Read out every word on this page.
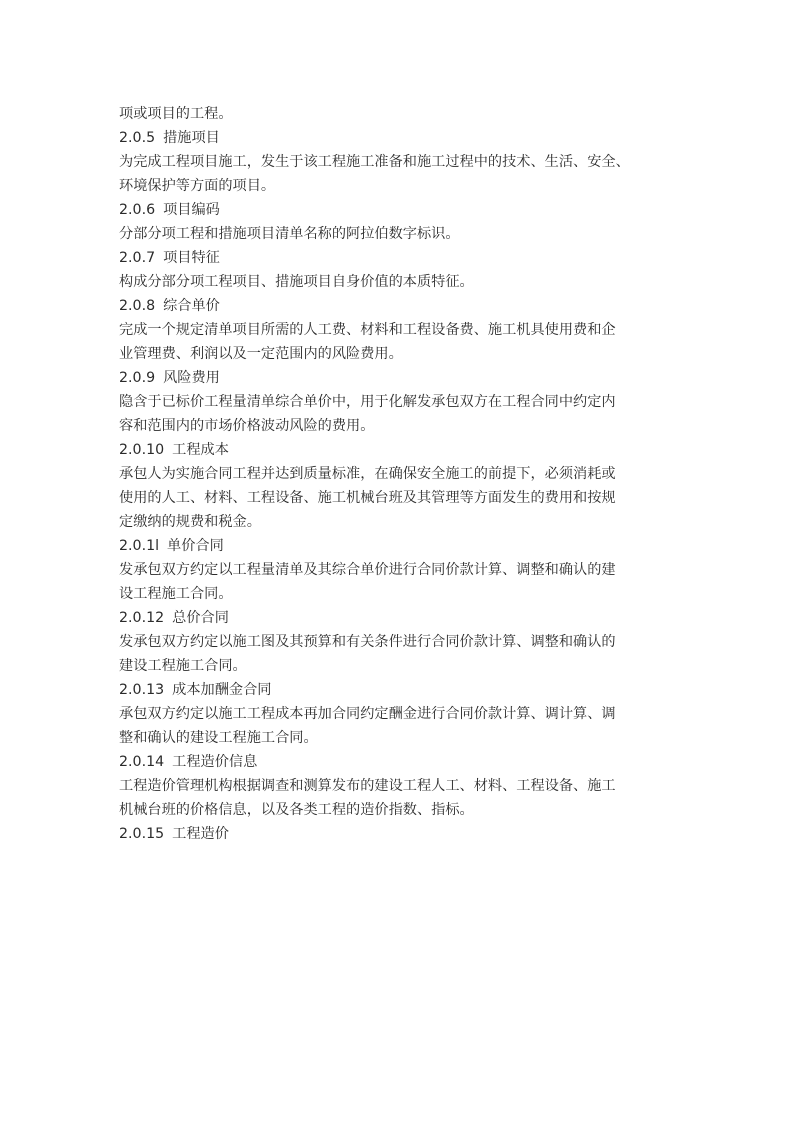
项或项目的工程。
2.0.5 措施项目
为完成工程项目施工，发生于该工程施工准备和施工过程中的技术、生活、安全、
环境保护等方面的项目。
2.0.6 项目编码
分部分项工程和措施项目清单名称的阿拉伯数字标识。
2.0.7 项目特征
构成分部分项工程项目、措施项目自身价值的本质特征。
2.0.8 综合单价
完成一个规定清单项目所需的人工费、材料和工程设备费、施工机具使用费和企
业管理费、利润以及一定范围内的风险费用。
2.0.9 风险费用
隐含于已标价工程量清单综合单价中，用于化解发承包双方在工程合同中约定内
容和范围内的市场价格波动风险的费用。
2.0.10 工程成本
承包人为实施合同工程并达到质量标准，在确保安全施工的前提下，必须消耗或
使用的人工、材料、工程设备、施工机械台班及其管理等方面发生的费用和按规
定缴纳的规费和税金。
2.0.1l 单价合同
发承包双方约定以工程量清单及其综合单价进行合同价款计算、调整和确认的建
设工程施工合同。
2.0.12 总价合同
发承包双方约定以施工图及其预算和有关条件进行合同价款计算、调整和确认的
建设工程施工合同。
2.0.13 成本加酬金合同
承包双方约定以施工工程成本再加合同约定酬金进行合同价款计算、调计算、调
整和确认的建设工程施工合同。
2.0.14 工程造价信息
工程造价管理机构根据调查和测算发布的建设工程人工、材料、工程设备、施工
机械台班的价格信息，以及各类工程的造价指数、指标。
2.0.15 工程造价
